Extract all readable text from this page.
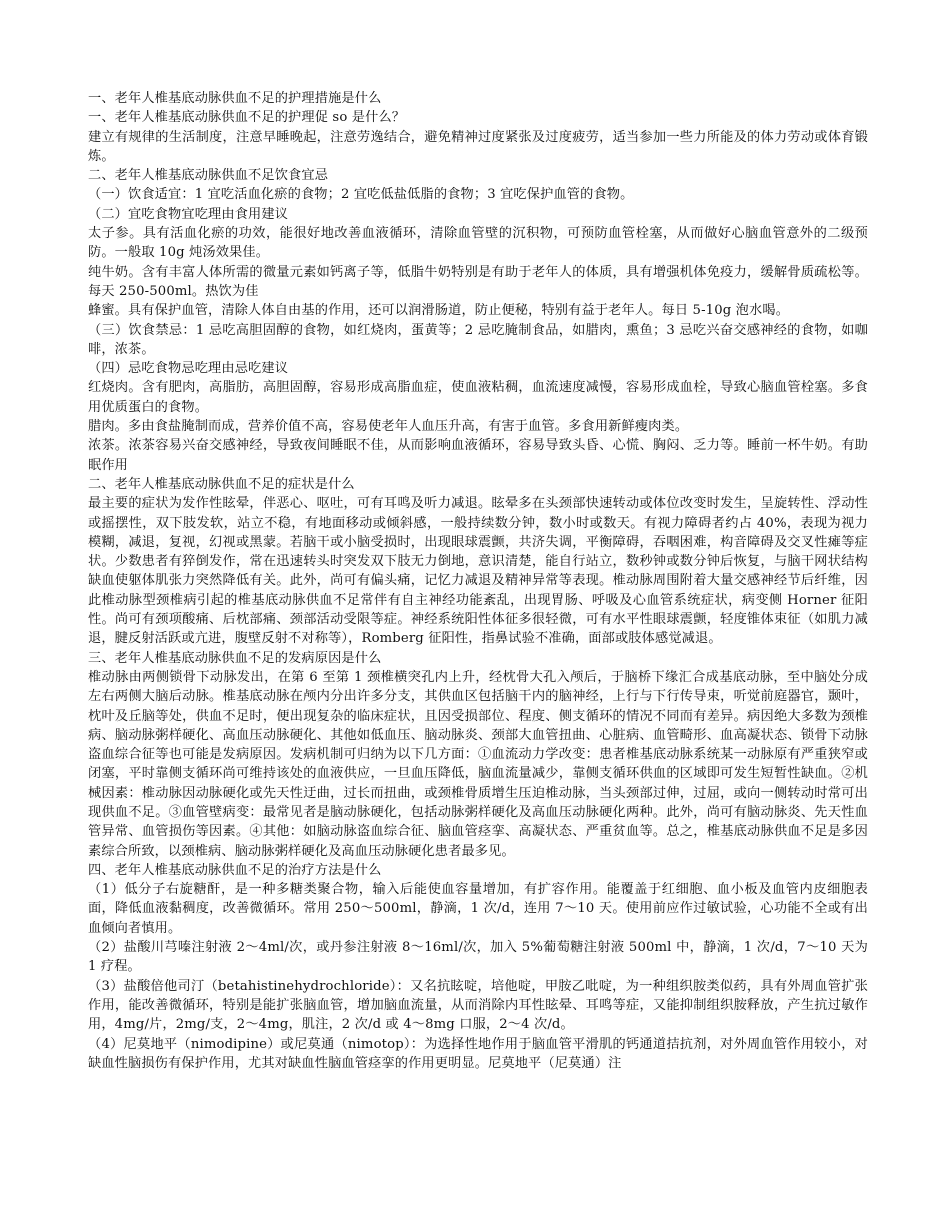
一、老年人椎基底动脉供血不足的护理措施是什么

一、老年人椎基底动脉供血不足的护理促 so 是什么？

建立有规律的生活制度，注意早睡晚起，注意劳逸结合，避免精神过度紧张及过度疲劳，适当参加一些力所能及的体力劳动或体育锻炼。

二、老年人椎基底动脉供血不足饮食宜忌

（一）饮食适宜：1 宜吃活血化瘀的食物；2 宜吃低盐低脂的食物；3 宜吃保护血管的食物。

（二）宜吃食物宜吃理由食用建议

太子参。具有活血化瘀的功效，能很好地改善血液循环，清除血管壁的沉积物，可预防血管栓塞，从而做好心脑血管意外的二级预防。一般取 10g 炖汤效果佳。

纯牛奶。含有丰富人体所需的微量元素如钙离子等，低脂牛奶特别是有助于老年人的体质，具有增强机体免疫力，缓解骨质疏松等。每天 250-500ml。热饮为佳

蜂蜜。具有保护血管，清除人体自由基的作用，还可以润滑肠道，防止便秘，特别有益于老年人。每日 5-10g 泡水喝。

（三）饮食禁忌：1 忌吃高胆固醇的食物，如红烧肉，蛋黄等；2 忌吃腌制食品，如腊肉，熏鱼；3 忌吃兴奋交感神经的食物，如咖啡，浓茶。

（四）忌吃食物忌吃理由忌吃建议

红烧肉。含有肥肉，高脂肪，高胆固醇，容易形成高脂血症，使血液粘稠，血流速度减慢，容易形成血栓，导致心脑血管栓塞。多食用优质蛋白的食物。

腊肉。多由食盐腌制而成，营养价值不高，容易使老年人血压升高，有害于血管。多食用新鲜瘦肉类。

浓茶。浓茶容易兴奋交感神经，导致夜间睡眠不佳，从而影响血液循环，容易导致头昏、心慌、胸闷、乏力等。睡前一杯牛奶。有助眠作用

二、老年人椎基底动脉供血不足的症状是什么

最主要的症状为发作性眩晕，伴恶心、呕吐，可有耳鸣及听力减退。眩晕多在头颈部快速转动或体位改变时发生，呈旋转性、浮动性或摇摆性，双下肢发软，站立不稳，有地面移动或倾斜感，一般持续数分钟，数小时或数天。有视力障碍者约占 40%，表现为视力模糊，减退，复视，幻视或黑蒙。若脑干或小脑受损时，出现眼球震颤，共济失调，平衡障碍，吞咽困难，构音障碍及交叉性瘫等症状。少数患者有猝倒发作，常在迅速转头时突发双下肢无力倒地，意识清楚，能自行站立，数秒钟或数分钟后恢复，与脑干网状结构缺血使躯体肌张力突然降低有关。此外，尚可有偏头痛，记忆力减退及精神异常等表现。椎动脉周围附着大量交感神经节后纤维，因此椎动脉型颈椎病引起的椎基底动脉供血不足常伴有自主神经功能紊乱，出现胃肠、呼吸及心血管系统症状，病变侧 Horner 征阳性。尚可有颈项酸痛、后枕部痛、颈部活动受限等症。神经系统阳性体征多很轻微，可有水平性眼球震颤，轻度锥体束征（如肌力减退，腱反射活跃或亢进，腹壁反射不对称等），Romberg 征阳性，指鼻试验不准确，面部或肢体感觉减退。

三、老年人椎基底动脉供血不足的发病原因是什么

椎动脉由两侧锁骨下动脉发出，在第 6 至第 1 颈椎横突孔内上升，经枕骨大孔入颅后，于脑桥下缘汇合成基底动脉，至中脑处分成左右两侧大脑后动脉。椎基底动脉在颅内分出许多分支，其供血区包括脑干内的脑神经，上行与下行传导束，听觉前庭器官，颞叶，枕叶及丘脑等处，供血不足时，便出现复杂的临床症状，且因受损部位、程度、侧支循环的情况不同而有差异。病因绝大多数为颈椎病、脑动脉粥样硬化、高血压动脉硬化、其他如低血压、脑动脉炎、颈部大血管扭曲、心脏病、血管畸形、血高凝状态、锁骨下动脉盗血综合征等也可能是发病原因。发病机制可归纳为以下几方面：①血流动力学改变：患者椎基底动脉系统某一动脉原有严重狭窄或闭塞，平时靠侧支循环尚可维持该处的血液供应，一旦血压降低，脑血流量减少，靠侧支循环供血的区域即可发生短暂性缺血。②机械因素：椎动脉因动脉硬化或先天性迂曲，过长而扭曲，或颈椎骨质增生压迫椎动脉，当头颈部过伸，过屈，或向一侧转动时常可出现供血不足。③血管壁病变：最常见者是脑动脉硬化，包括动脉粥样硬化及高血压动脉硬化两种。此外，尚可有脑动脉炎、先天性血管异常、血管损伤等因素。④其他：如脑动脉盗血综合征、脑血管痉挛、高凝状态、严重贫血等。总之，椎基底动脉供血不足是多因素综合所致，以颈椎病、脑动脉粥样硬化及高血压动脉硬化患者最多见。

四、老年人椎基底动脉供血不足的治疗方法是什么

（1）低分子右旋糖酐，是一种多糖类聚合物，输入后能使血容量增加，有扩容作用。能覆盖于红细胞、血小板及血管内皮细胞表面，降低血液黏稠度，改善微循环。常用 250～500ml，静滴，1 次/d，连用 7～10 天。使用前应作过敏试验，心功能不全或有出血倾向者慎用。

（2）盐酸川芎嗪注射液 2～4ml/次，或丹参注射液 8～16ml/次，加入 5%葡萄糖注射液 500ml 中，静滴，1 次/d，7～10 天为 1 疗程。

（3）盐酸倍他司汀（betahistinehydrochloride）：又名抗眩啶，培他啶，甲胺乙吡啶，为一种组织胺类似药，具有外周血管扩张作用，能改善微循环，特别是能扩张脑血管，增加脑血流量，从而消除内耳性眩晕、耳鸣等症，又能抑制组织胺释放，产生抗过敏作用，4mg/片，2mg/支，2～4mg，肌注，2 次/d 或 4～8mg 口服，2～4 次/d。

（4）尼莫地平（nimodipine）或尼莫通（nimotop）：为选择性地作用于脑血管平滑肌的钙通道拮抗剂，对外周血管作用较小，对缺血性脑损伤有保护作用，尤其对缺血性脑血管痉挛的作用更明显。尼莫地平（尼莫通）注
